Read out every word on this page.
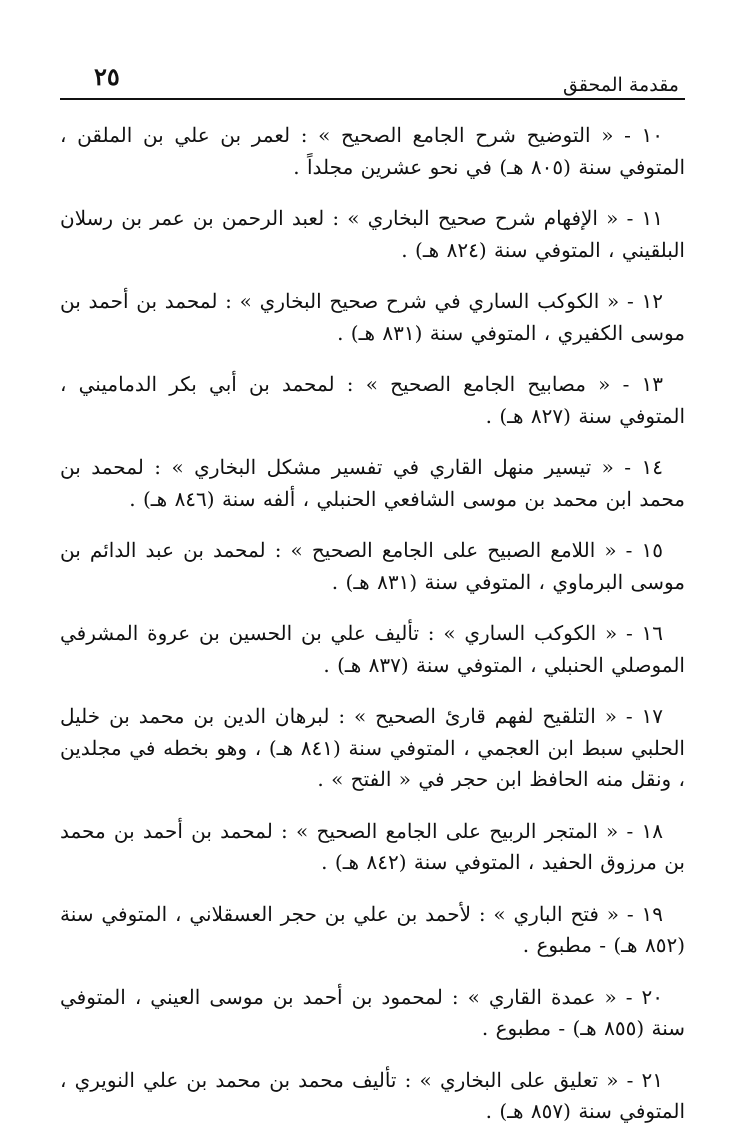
مقدمة المحقق
٢٥

١٠ - « التوضيح شرح الجامع الصحيح » : لعمر بن علي بن الملقن ، المتوفي سنة (٨٠٥ هـ) في نحو عشرين مجلداً .

١١ - « الإفهام شرح صحيح البخاري » : لعبد الرحمن بن عمر بن رسلان البلقيني ، المتوفي سنة (٨٢٤ هـ) .

١٢ - « الكوكب الساري في شرح صحيح البخاري » : لمحمد بن أحمد بن موسى الكفيري ، المتوفي سنة (٨٣١ هـ) .

١٣ - « مصابيح الجامع الصحيح » : لمحمد بن أبي بكر الدماميني ، المتوفي سنة (٨٢٧ هـ) .

١٤ - « تيسير منهل القاري في تفسير مشكل البخاري » : لمحمد بن محمد ابن محمد بن موسى الشافعي الحنبلي ، ألفه سنة (٨٤٦ هـ) .

١٥ - « اللامع الصبيح على الجامع الصحيح » : لمحمد بن عبد الدائم بن موسى البرماوي ، المتوفي سنة (٨٣١ هـ) .

١٦ - « الكوكب الساري » : تأليف علي بن الحسين بن عروة المشرفي الموصلي الحنبلي ، المتوفي سنة (٨٣٧ هـ) .

١٧ - « التلقيح لفهم قارئ الصحيح » : لبرهان الدين بن محمد بن خليل الحلبي سبط ابن العجمي ، المتوفي سنة (٨٤١ هـ) ، وهو بخطه في مجلدين ، ونقل منه الحافظ ابن حجر في « الفتح » .

١٨ - « المتجر الربيح على الجامع الصحيح » : لمحمد بن أحمد بن محمد بن مرزوق الحفيد ، المتوفي سنة (٨٤٢ هـ) .

١٩ - « فتح الباري » : لأحمد بن علي بن حجر العسقلاني ، المتوفي سنة (٨٥٢ هـ) - مطبوع .

٢٠ - « عمدة القاري » : لمحمود بن أحمد بن موسى العيني ، المتوفي سنة (٨٥٥ هـ) - مطبوع .

٢١ - « تعليق على البخاري » : تأليف محمد بن محمد بن علي النويري ، المتوفي سنة (٨٥٧ هـ) .
